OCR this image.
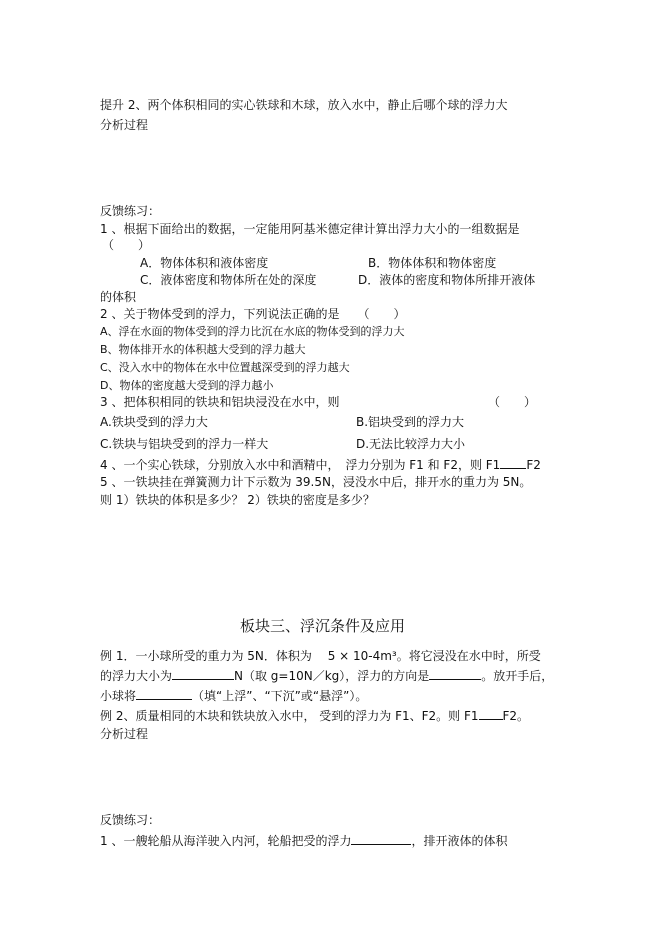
提升 2、两个体积相同的实心铁球和木球，放入水中，静止后哪个球的浮力大
分析过程
反馈练习：
1 、根据下面给出的数据，一定能用阿基米德定律计算出浮力大小的一组数据是
（　　）
A．物体体积和液体密度	B．物体体积和物体密度
C．液体密度和物体所在处的深度	D．液体的密度和物体所排开液体
的体积
2 、关于物体受到的浮力，下列说法正确的是　　（　　）
A、浮在水面的物体受到的浮力比沉在水底的物体受到的浮力大
B、物体排开水的体积越大受到的浮力越大
C、没入水中的物体在水中位置越深受到的浮力越大
D、物体的密度越大受到的浮力越小
3 、把体积相同的铁块和铝块浸没在水中，则	（　　）
A.铁块受到的浮力大	B.铝块受到的浮力大
C.铁块与铝块受到的浮力一样大	D.无法比较浮力大小
4 、一个实心铁球，分别放入水中和酒精中，　浮力分别为 F1 和 F2，则 F1 F2
5 、一铁块挂在弹簧测力计下示数为 39.5N，浸没水中后，排开水的重力为 5N。
则 1）铁块的体积是多少？ 2）铁块的密度是多少？
板块三、浮沉条件及应用
例 1．一小球所受的重力为 5N．体积为　 5 × 10-4m³。将它浸没在水中时，所受
的浮力大小为	N（取 g=10N／kg），浮力的方向是	。放开手后，
小球将	（填“上浮”、“下沉”或“悬浮”）。
例 2、质量相同的木块和铁块放入水中， 受到的浮力为 F1、F2。则 F1 F2。
分析过程
反馈练习：
1 、一艘轮船从海洋驶入内河，轮船把受的浮力	，排开液体的体积
